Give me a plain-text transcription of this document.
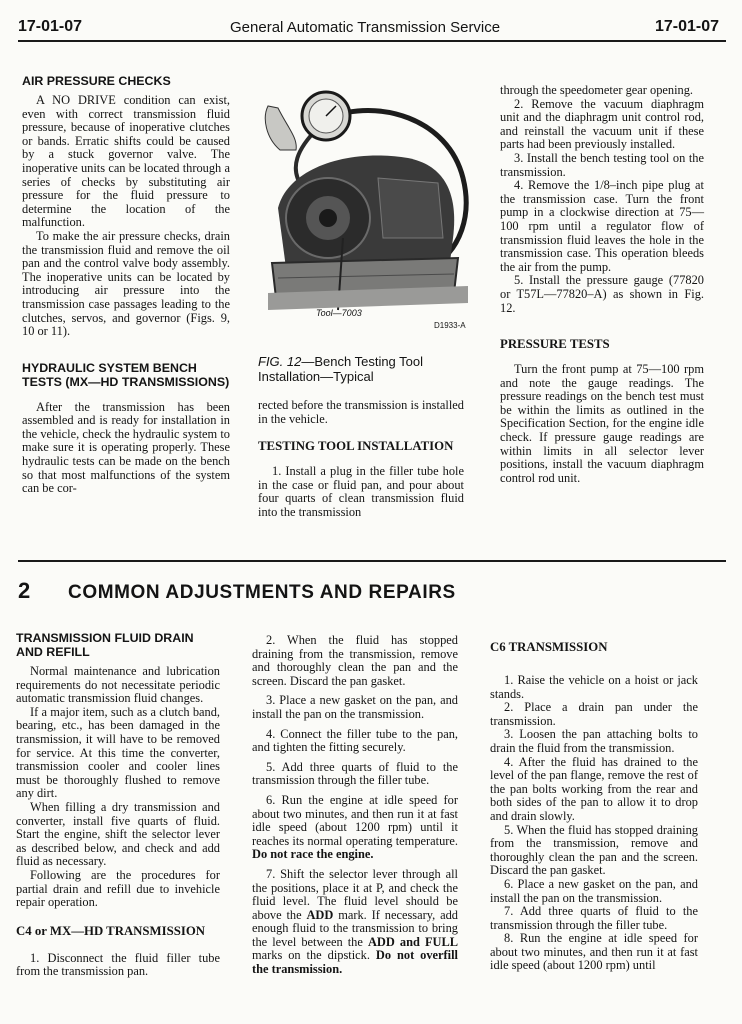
17-01-07	General Automatic Transmission Service	17-01-07
AIR PRESSURE CHECKS

A NO DRIVE condition can exist, even with correct transmission fluid pressure, because of inoperative clutches or bands. Erratic shifts could be caused by a stuck governor valve. The inoperative units can be located through a series of checks by substituting air pressure for the fluid pressure to determine the location of the malfunction.

To make the air pressure checks, drain the transmission fluid and remove the oil pan and the control valve body assembly. The inoperative units can be located by introducing air pressure into the transmission case passages leading to the clutches, servos, and governor (Figs. 9, 10 or 11).

HYDRAULIC SYSTEM BENCH TESTS (MX—HD TRANSMISSIONS)

After the transmission has been assembled and is ready for installation in the vehicle, check the hydraulic system to make sure it is operating properly. These hydraulic tests can be made on the bench so that most malfunctions of the system can be cor-

Tool—7003
D1933-A
FIG. 12—Bench Testing Tool Installation—Typical

rected before the transmission is installed in the vehicle.

TESTING TOOL INSTALLATION

1. Install a plug in the filler tube hole in the case or fluid pan, and pour about four quarts of clean transmission fluid into the transmission

through the speedometer gear opening.

2. Remove the vacuum diaphragm unit and the diaphragm unit control rod, and reinstall the vacuum unit if these parts had been previously installed.

3. Install the bench testing tool on the transmission.

4. Remove the 1/8–inch pipe plug at the transmission case. Turn the front pump in a clockwise direction at 75—100 rpm until a regulator flow of transmission fluid leaves the hole in the transmission case. This operation bleeds the air from the pump.

5. Install the pressure gauge (77820 or T57L—77820–A) as shown in Fig. 12.

PRESSURE TESTS

Turn the front pump at 75—100 rpm and note the gauge readings. The pressure readings on the bench test must be within the limits as outlined in the Specification Section, for the engine idle check. If pressure gauge readings are within limits in all selector lever positions, install the vacuum diaphragm control rod unit.

2 COMMON ADJUSTMENTS AND REPAIRS
TRANSMISSION FLUID DRAIN AND REFILL

Normal maintenance and lubrication requirements do not necessitate periodic automatic transmission fluid changes.

If a major item, such as a clutch band, bearing, etc., has been damaged in the transmission, it will have to be removed for service. At this time the converter, transmission cooler and cooler lines must be thoroughly flushed to remove any dirt.

When filling a dry transmission and converter, install five quarts of fluid. Start the engine, shift the selector lever as described below, and check and add fluid as necessary.

Following are the procedures for partial drain and refill due to invehicle repair operation.

C4 or MX—HD TRANSMISSION

1. Disconnect the fluid filler tube from the transmission pan.

2. When the fluid has stopped draining from the transmission, remove and thoroughly clean the pan and the screen. Discard the pan gasket.

3. Place a new gasket on the pan, and install the pan on the transmission.

4. Connect the filler tube to the pan, and tighten the fitting securely.

5. Add three quarts of fluid to the transmission through the filler tube.

6. Run the engine at idle speed for about two minutes, and then run it at fast idle speed (about 1200 rpm) until it reaches its normal operating temperature. Do not race the engine.

7. Shift the selector lever through all the positions, place it at P, and check the fluid level. The fluid level should be above the ADD mark. If necessary, add enough fluid to the transmission to bring the level between the ADD and FULL marks on the dipstick. Do not overfill the transmission.

C6 TRANSMISSION

1. Raise the vehicle on a hoist or jack stands.

2. Place a drain pan under the transmission.

3. Loosen the pan attaching bolts to drain the fluid from the transmission.

4. After the fluid has drained to the level of the pan flange, remove the rest of the pan bolts working from the rear and both sides of the pan to allow it to drop and drain slowly.

5. When the fluid has stopped draining from the transmission, remove and thoroughly clean the pan and the screen. Discard the pan gasket.

6. Place a new gasket on the pan, and install the pan on the transmission.

7. Add three quarts of fluid to the transmission through the filler tube.

8. Run the engine at idle speed for about two minutes, and then run it at fast idle speed (about 1200 rpm) until
